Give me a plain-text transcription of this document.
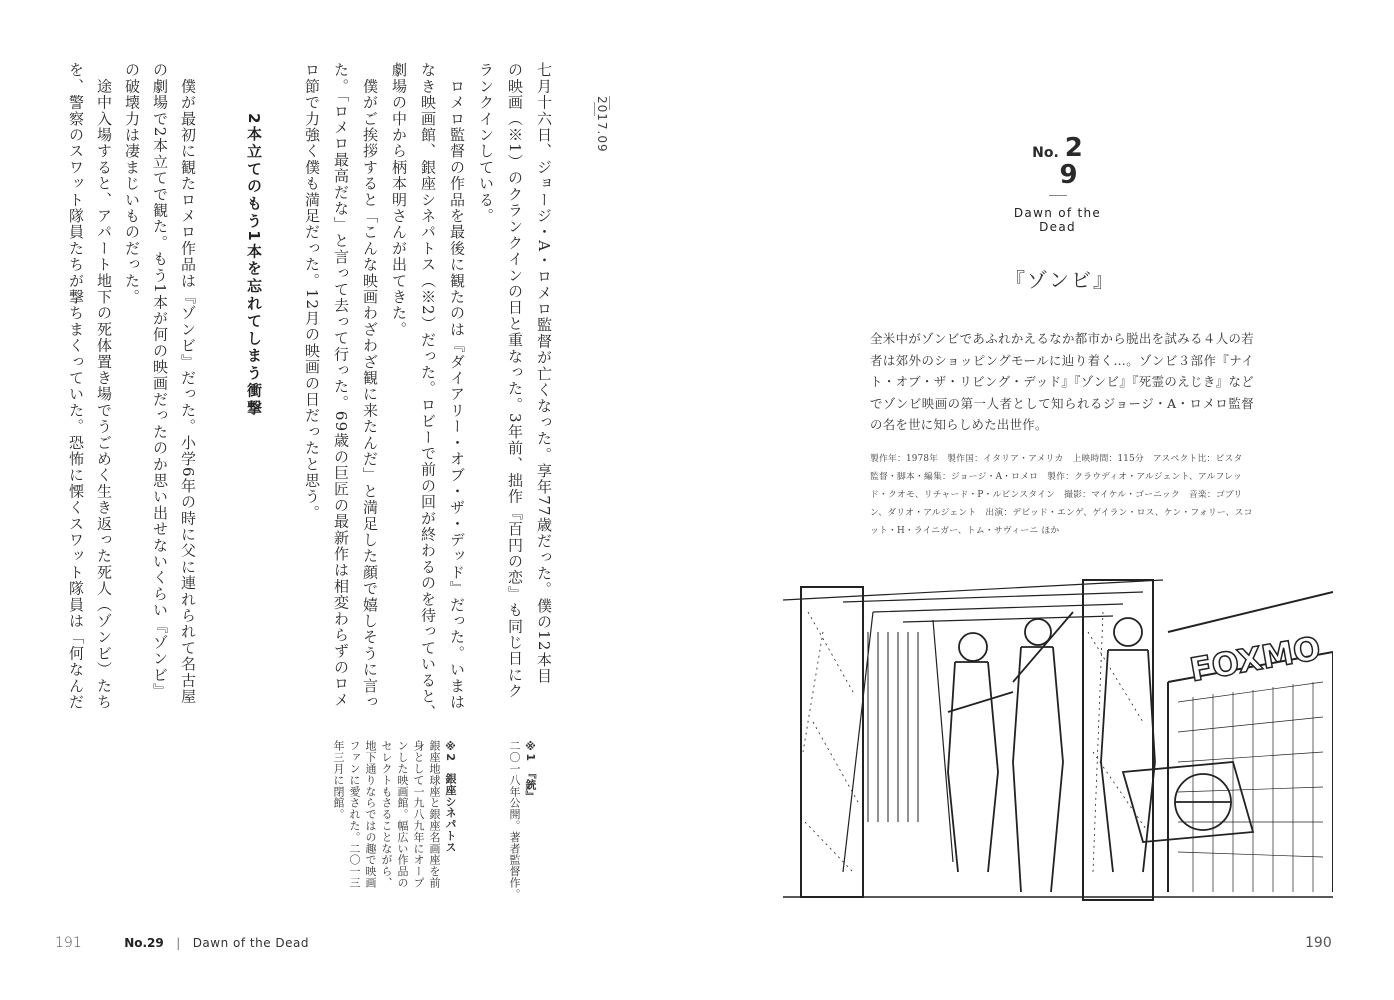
七月十六日、ジョージ・A・ロメロ監督が亡くなった。享年77歳だった。僕の12本目
の映画（※1）のクランクインの日と重なった。3年前、拙作『百円の恋』も同じ日にク
ランクインしている。
　ロメロ監督の作品を最後に観たのは『ダイアリー・オブ・ザ・デッド』だった。いまは
なき映画館、銀座シネパトス（※2）だった。ロビーで前の回が終わるのを待っていると、
劇場の中から柄本明さんが出てきた。
　僕がご挨拶すると「こんな映画わざわざ観に来たんだ」と満足した顔で嬉しそうに言っ
た。「ロメロ最高だな」と言って去って行った。69歳の巨匠の最新作は相変わらずのロメ
ロ節で力強く僕も満足だった。12月の映画の日だったと思う。	2017.09
※1　『銃』
二〇一八年公開。著者監督作。
※2　銀座シネパトス
銀座地球座と銀座名画座を前
身として一九八九年にオープ
ンした映画館。幅広い作品の
セレクトもさることながら、
地下通りならではの趣で映画
ファンに愛された。二〇一三
年三月に閉館。
2本立てのもう1本を忘れてしまう衝撃
　僕が最初に観たロメロ作品は『ゾンビ』だった。小学6年の時に父に連れられて名古屋
の劇場で2本立てで観た。もう1本が何の映画だったのか思い出せないくらい『ゾンビ』
の破壊力は凄まじいものだった。
　途中入場すると、アパート地下の死体置き場でうごめく生き返った死人（ゾンビ）たち
を、警察のスワット隊員たちが撃ちまくっていた。恐怖に慄くスワット隊員は「何なんだ
191	No.29 | Dawn of the Dead
No. 2
9
Dawn of the Dead
『ゾンビ』
全米中がゾンビであふれかえるなか都市から脱出を試みる４人の若者は郊外のショッピングモールに辿り着く…。ゾンビ３部作『ナイト・オブ・ザ・リビング・デッド』『ゾンビ』『死霊のえじき』などでゾンビ映画の第一人者として知られるジョージ・A・ロメロ監督の名を世に知らしめた出世作。
製作年：1978年　製作国：イタリア・アメリカ　上映時間：115分　アスペクト比：ビスタ　監督・脚本・編集：ジョージ・A・ロメロ　製作：クラウディオ・アルジェント、アルフレッド・クオモ、リチャード・P・ルビンスタイン　撮影：マイケル・ゴーニック　音楽：ゴブリン、ダリオ・アルジェント　出演：デビッド・エンゲ、ゲイラン・ロス、ケン・フォリー、スコット・H・ライニガー、トム・サヴィーニ ほか
FOXMO
190
